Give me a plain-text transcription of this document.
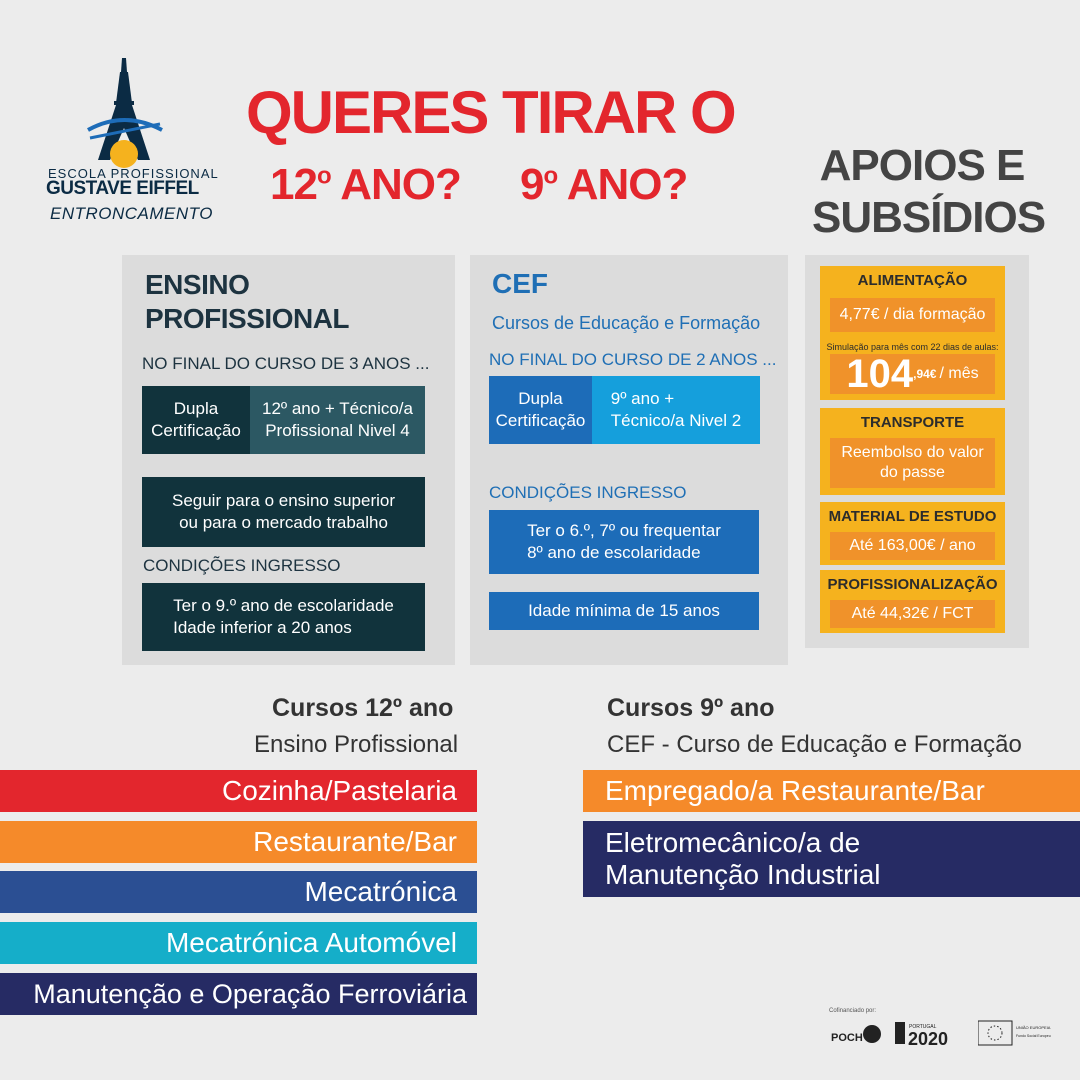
ESCOLA PROFISSIONAL
GUSTAVE EIFFEL
ENTRONCAMENTO
QUERES TIRAR O
12$^o$ ANO? 9$^o$ ANO?	APOIOS E
SUBSÍDIOS
ENSINO
PROFISSIONAL
NO FINAL DO CURSO DE 3 ANOS ...
Dupla
Certificação
12º ano + Técnico/a
Profissional Nivel 4
Seguir para o ensino superior
ou para o mercado trabalho
CONDIÇÕES INGRESSO
Ter o 9.º ano de escolaridade
Idade inferior a 20 anos
CEF
Cursos de Educação e Formação
NO FINAL DO CURSO DE 2 ANOS ...
Dupla
Certificação
9º ano +
Técnico/a Nivel 2
CONDIÇÕES INGRESSO
Ter o 6.º, 7º ou frequentar
8º ano de escolaridade
Idade mínima de 15 anos
ALIMENTAÇÃO
4,77€ / dia formação
Simulação para mês com 22 dias de aulas:
104 ,94€ / mês
TRANSPORTE
Reembolso do valor
do passe
MATERIAL DE ESTUDO
Até 163,00€ / ano
PROFISSIONALIZAÇÃO
Até 44,32€ / FCT
Cursos 12º ano
Ensino Profissional
Cozinha/Pastelaria
Restaurante/Bar
Mecatrónica
Mecatrónica Automóvel
Manutenção e Operação Ferroviária
Cursos 9º ano
CEF - Curso de Educação e Formação
Empregado/a Restaurante/Bar
Eletromecânico/a de
Manutenção Industrial
Cofinanciado por:
POCH
PORTUGAL
2020
UNIÃO EUROPEIA
Fundo Social Europeu
